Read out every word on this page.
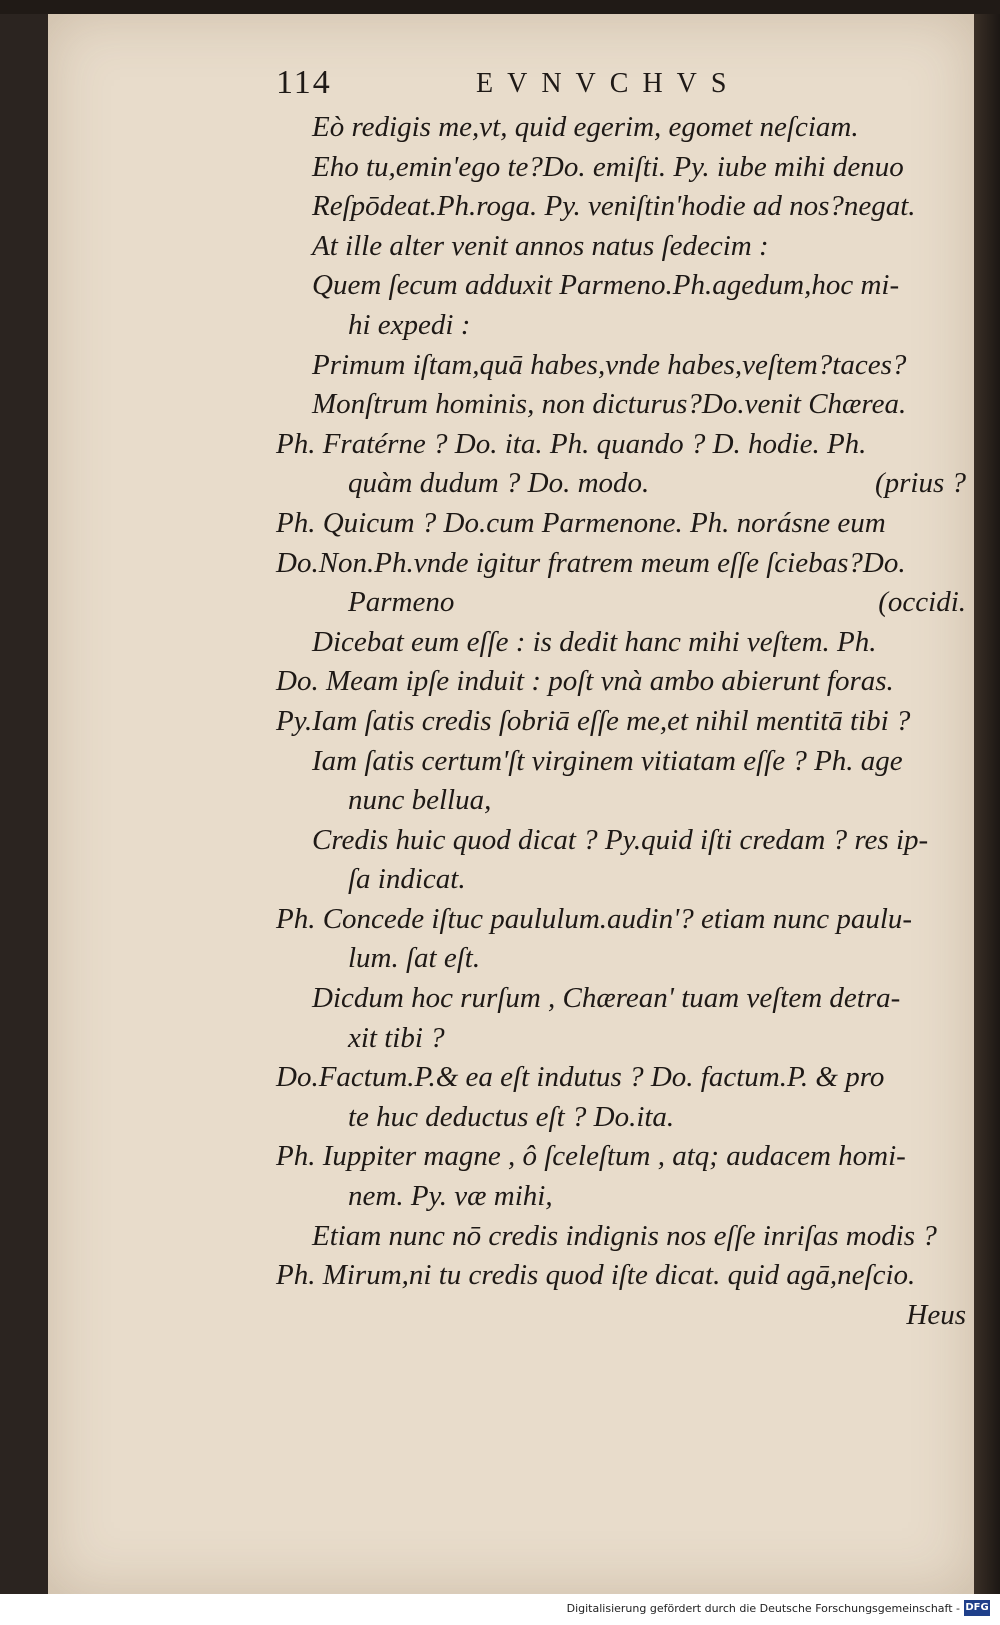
114	EVNVCHVS
Eò redigis me,vt, quid egerim, egomet neſciam.
Eho tu,emin'ego te?Do. emiſti. Py. iube mihi denuo
Reſpōdeat.Ph.roga. Py. veniſtin'hodie ad nos?negat.
At ille alter venit annos natus ſedecim :
Quem ſecum adduxit Parmeno.Ph.agedum,hoc mi-
hi expedi :
Primum iſtam,quā habes,vnde habes,veſtem?taces?
Monſtrum hominis, non dicturus?Do.venit Chærea.
Ph. Fratérne ? Do. ita. Ph. quando ? D. hodie. Ph.
quàm dudum ? Do. modo.	(prius ?
Ph. Quicum ? Do.cum Parmenone. Ph. norásne eum
Do.Non.Ph.vnde igitur fratrem meum eſſe ſciebas?Do.
Parmeno	(occidi.
Dicebat eum eſſe : is dedit hanc mihi veſtem. Ph.
Do. Meam ipſe induit : poſt vnà ambo abierunt foras.
Py.Iam ſatis credis ſobriā eſſe me,et nihil mentitā tibi ?
Iam ſatis certum'ſt virginem vitiatam eſſe ? Ph. age
nunc bellua,
Credis huic quod dicat ? Py.quid iſti credam ? res ip-
ſa indicat.
Ph. Concede iſtuc paululum.audin'? etiam nunc paulu-
lum. ſat eſt.
Dicdum hoc rurſum , Chærean' tuam veſtem detra-
xit tibi ?
Do.Factum.P.& ea eſt indutus ? Do. factum.P. & pro
te huc deductus eſt ? Do.ita.
Ph. Iuppiter magne , ô ſceleſtum , atq; audacem homi-
nem. Py. væ mihi,
Etiam nunc nō credis indignis nos eſſe inriſas modis ?
Ph. Mirum,ni tu credis quod iſte dicat. quid agā,neſcio.
Heus
Digitalisierung gefördert durch die Deutsche Forschungsgemeinschaft - DFG
